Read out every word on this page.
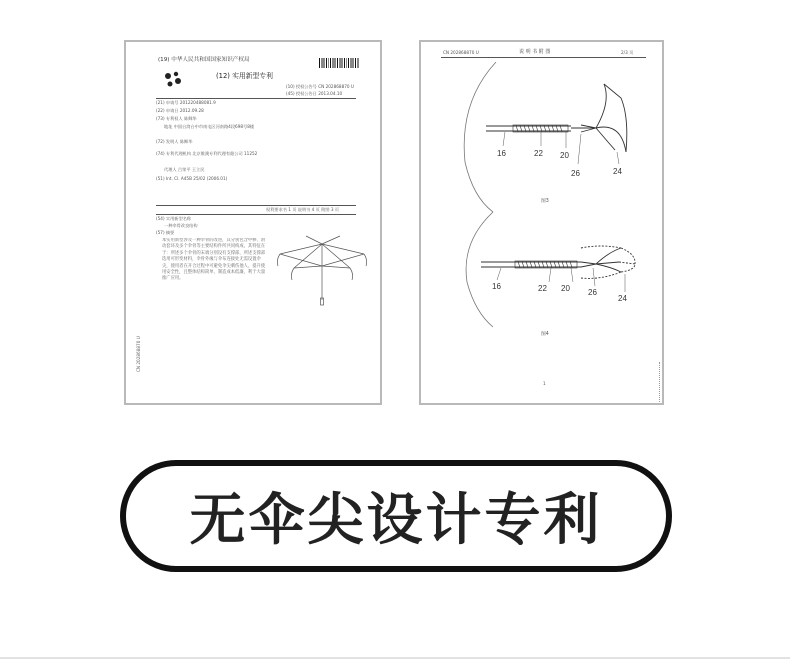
(19) 中华人民共和国国家知识产权局
(12) 实用新型专利
(10) 授权公告号 CN 202868870 U
(45) 授权公告日 2013.04.10
(21) 申请号 201220488081.9
(22) 申请日 2012.09.28
(73) 专利权人 陈稣华
地址 中国台湾台中市南屯区河南路4段698号8楼
(72) 发明人 陈稣华
(74) 专利代理机构 北京维澳专利代理有限公司 11252
代理人 吕荣平 王立民
(51) Int. Cl. A45B 25/02 (2006.01)
权利要求书 1 页 说明书 4 页 附图 3 页
(54) 实用新型名称
一种伞骨改良结构
(57) 摘要
本实用新型涉及一种伞骨的改进，其分别包含中棒、滑动套环及多个伞骨等主要结构件所共同构成，其特征在于：所述多个伞骨的末端分别设有支撑部，所述支撑部选用可形变材料，伞骨外缘与伞布连接处无需设置伞尖，使用者在开合过程中可避免伞尖刺伤他人，提升使用安全性，且整体结构简单，制造成本低廉，利于大量推广应用。
CN 202868870 U
CN 202868870 U	说 明 书 附 图	2/3 页
16	22 20
26	24
图3
16	22 20 26
24
图4
1
无伞尖设计专利
